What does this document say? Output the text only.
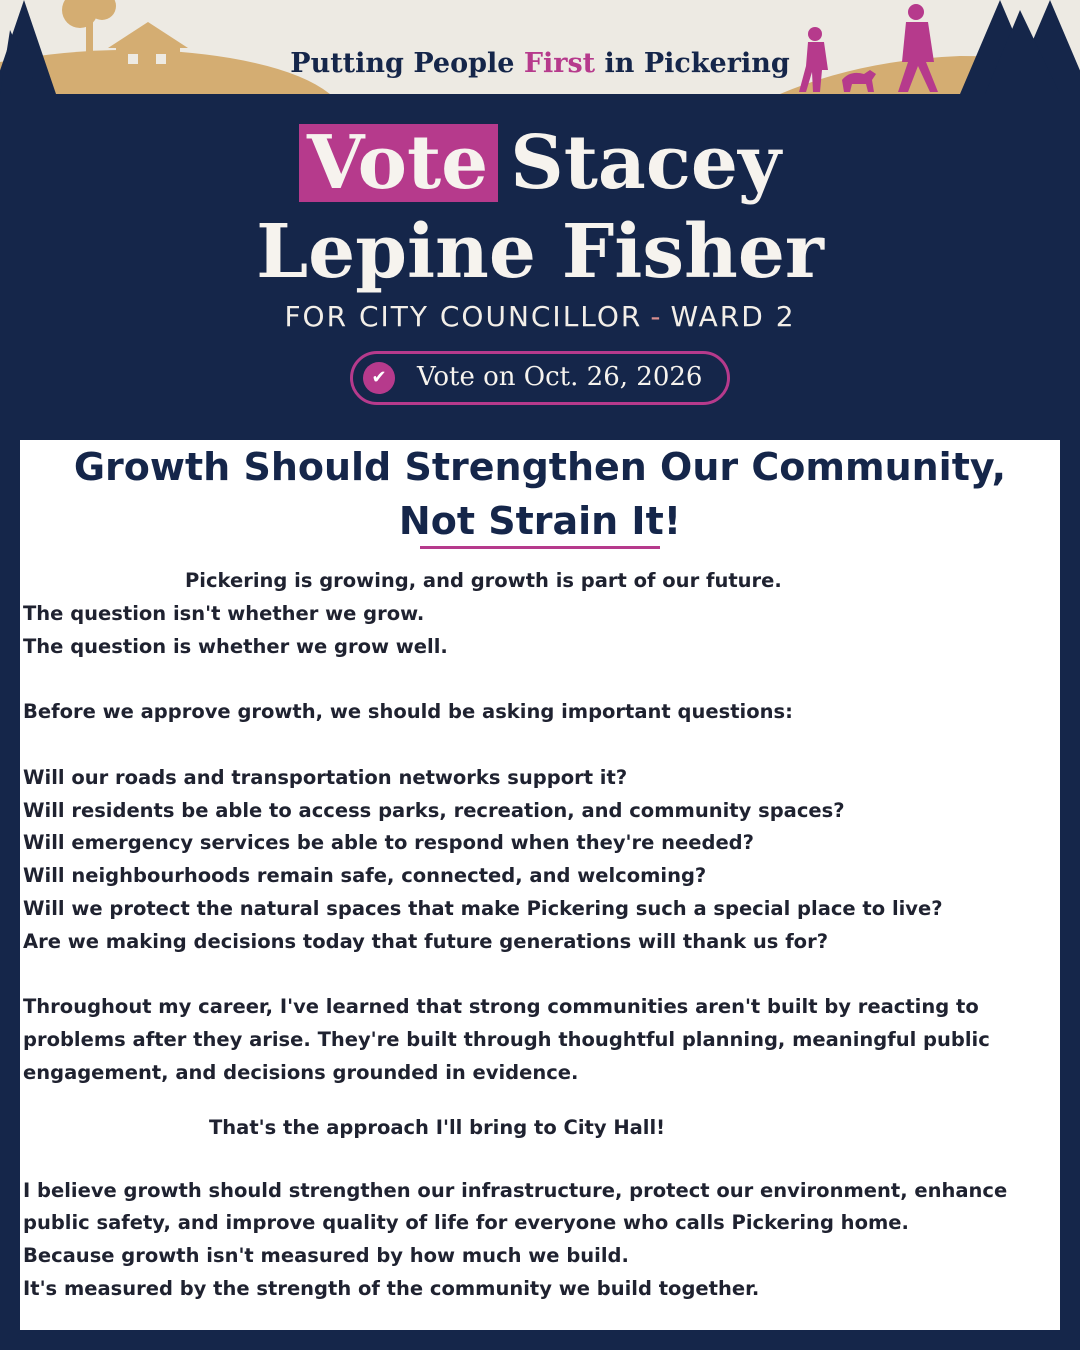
Putting People First in Pickering
Vote Stacey
Lepine Fisher
FOR CITY COUNCILLOR - WARD 2
✔	Vote on Oct. 26, 2026
Growth Should Strengthen Our Community,
Not Strain It!

Pickering is growing, and growth is part of our future.

The question isn't whether we grow.

The question is whether we grow well.

Before we approve growth, we should be asking important questions:

Will our roads and transportation networks support it?

Will residents be able to access parks, recreation, and community spaces?

Will emergency services be able to respond when they're needed?

Will neighbourhoods remain safe, connected, and welcoming?

Will we protect the natural spaces that make Pickering such a special place to live?

Are we making decisions today that future generations will thank us for?

Throughout my career, I've learned that strong communities aren't built by reacting to

problems after they arise. They're built through thoughtful planning, meaningful public

engagement, and decisions grounded in evidence.

That's the approach I'll bring to City Hall!

I believe growth should strengthen our infrastructure, protect our environment, enhance

public safety, and improve quality of life for everyone who calls Pickering home.

Because growth isn't measured by how much we build.

It's measured by the strength of the community we build together.
